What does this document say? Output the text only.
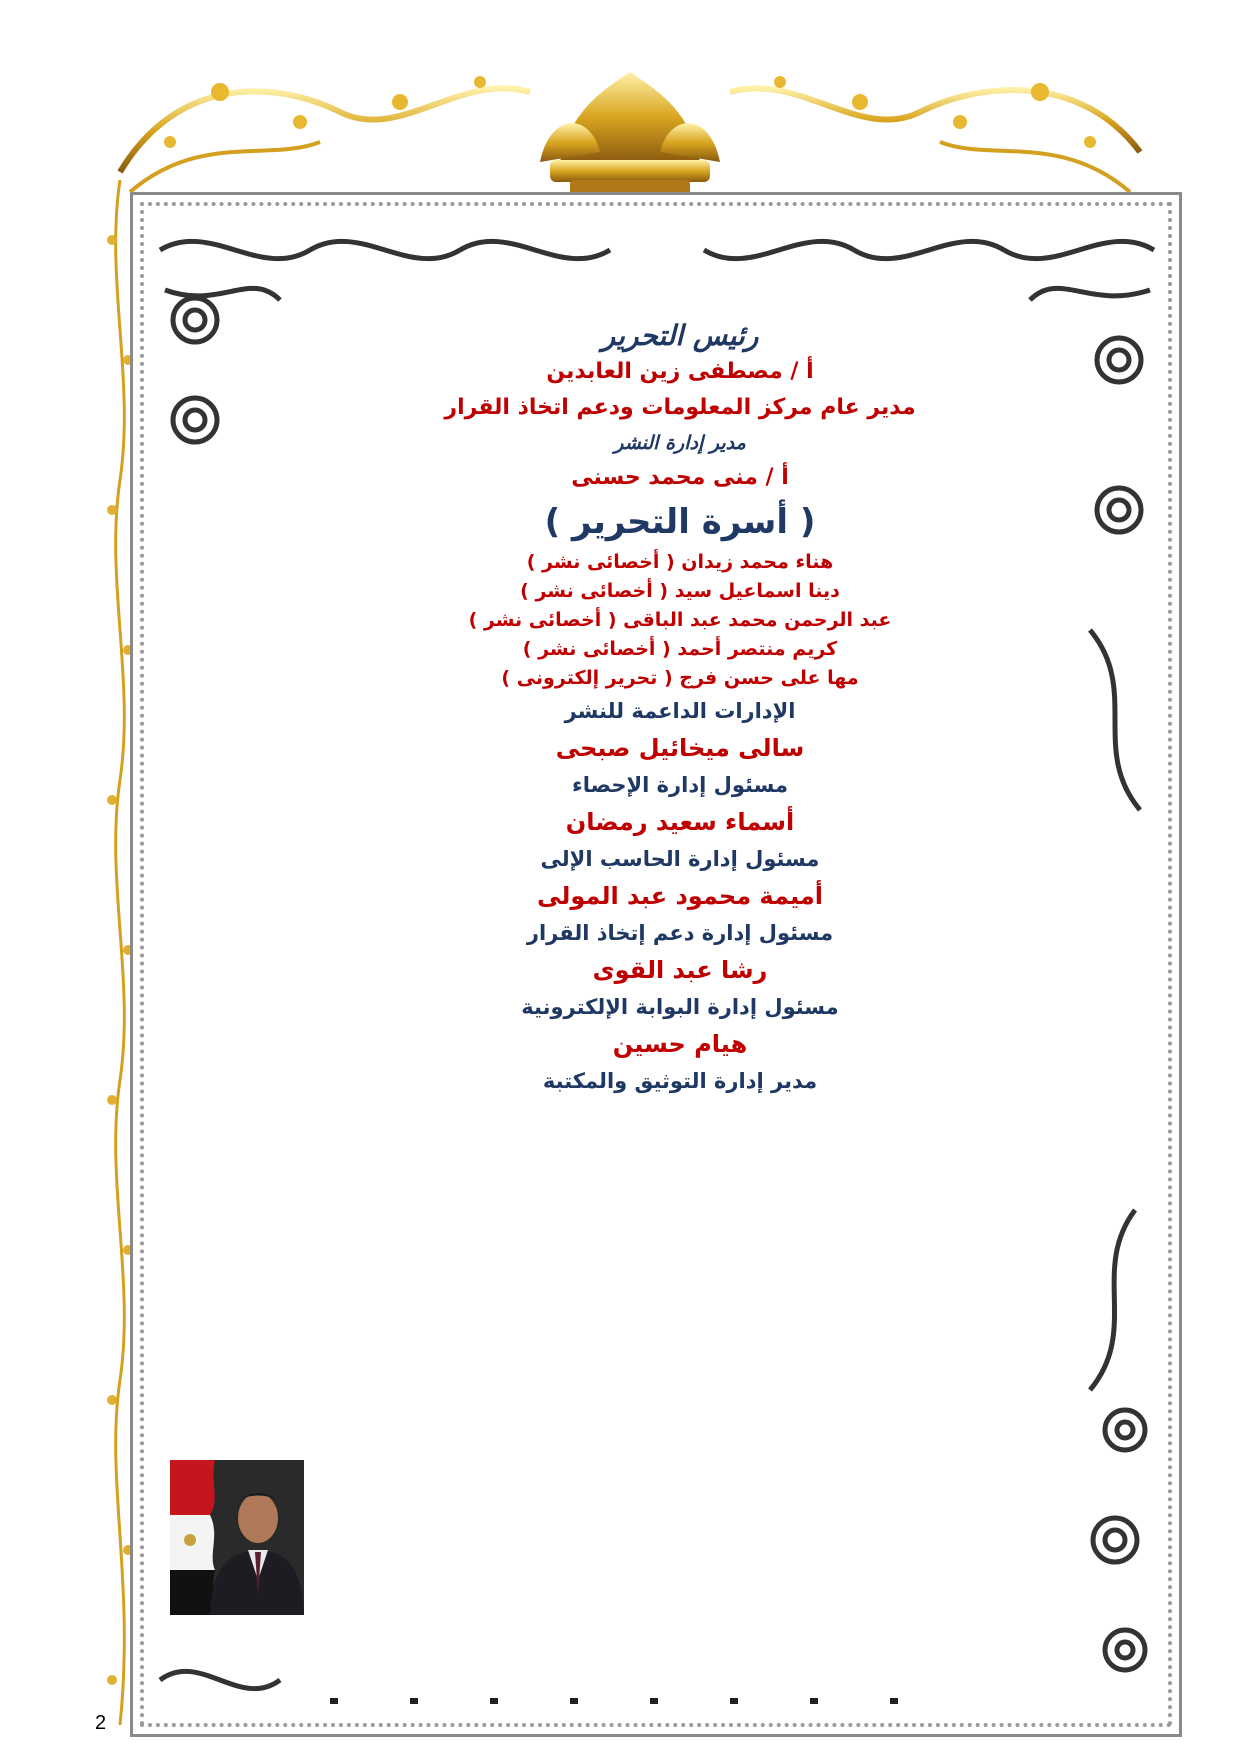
رئيس التحرير
أ / مصطفى زين العابدين
مدير عام مركز المعلومات ودعم اتخاذ القرار
مدير إدارة النشر
أ / منى محمد حسنى
( أسرة التحرير )
هناء محمد زيدان ( أخصائى نشر )
دينا اسماعيل سيد ( أخصائى نشر )
عبد الرحمن محمد عبد الباقى ( أخصائى نشر )
كريم منتصر أحمد ( أخصائى نشر )
مها على حسن فرج ( تحرير إلكترونى )
الإدارات الداعمة للنشر
سالى ميخائيل صبحى
مسئول إدارة الإحصاء
أسماء سعيد رمضان
مسئول إدارة الحاسب الإلى
أميمة محمود عبد المولى
مسئول إدارة دعم إتخاذ القرار
رشا عبد القوى
مسئول إدارة البوابة الإلكترونية
هيام حسين
مدير إدارة التوثيق والمكتبة
2
